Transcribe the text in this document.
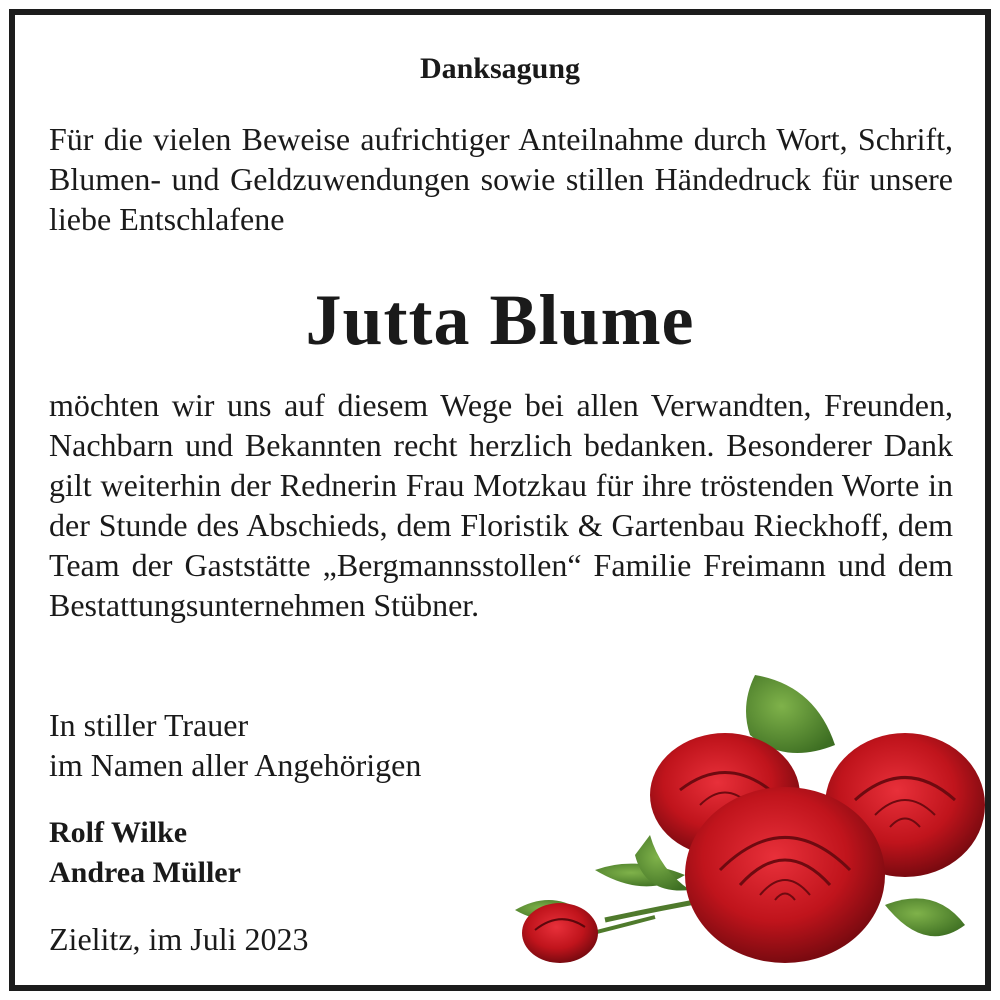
Danksagung
Für die vielen Beweise aufrichtiger Anteilnahme durch Wort, Schrift, Blumen- und Geldzuwendungen sowie stillen Händedruck für unsere liebe Entschlafene
Jutta Blume
möchten wir uns auf diesem Wege bei allen Verwandten, Freunden, Nachbarn und Bekannten recht herzlich bedanken. Besonderer Dank gilt weiterhin der Rednerin Frau Motzkau für ihre tröstenden Worte in der Stunde des Abschieds, dem Floristik & Gartenbau Rieckhoff, dem Team der Gaststätte „Bergmannsstollen“ Familie Freimann und dem Bestattungsunternehmen Stübner.
In stiller Trauer
im Namen aller Angehörigen
Rolf Wilke
Andrea Müller
Zielitz, im Juli 2023
